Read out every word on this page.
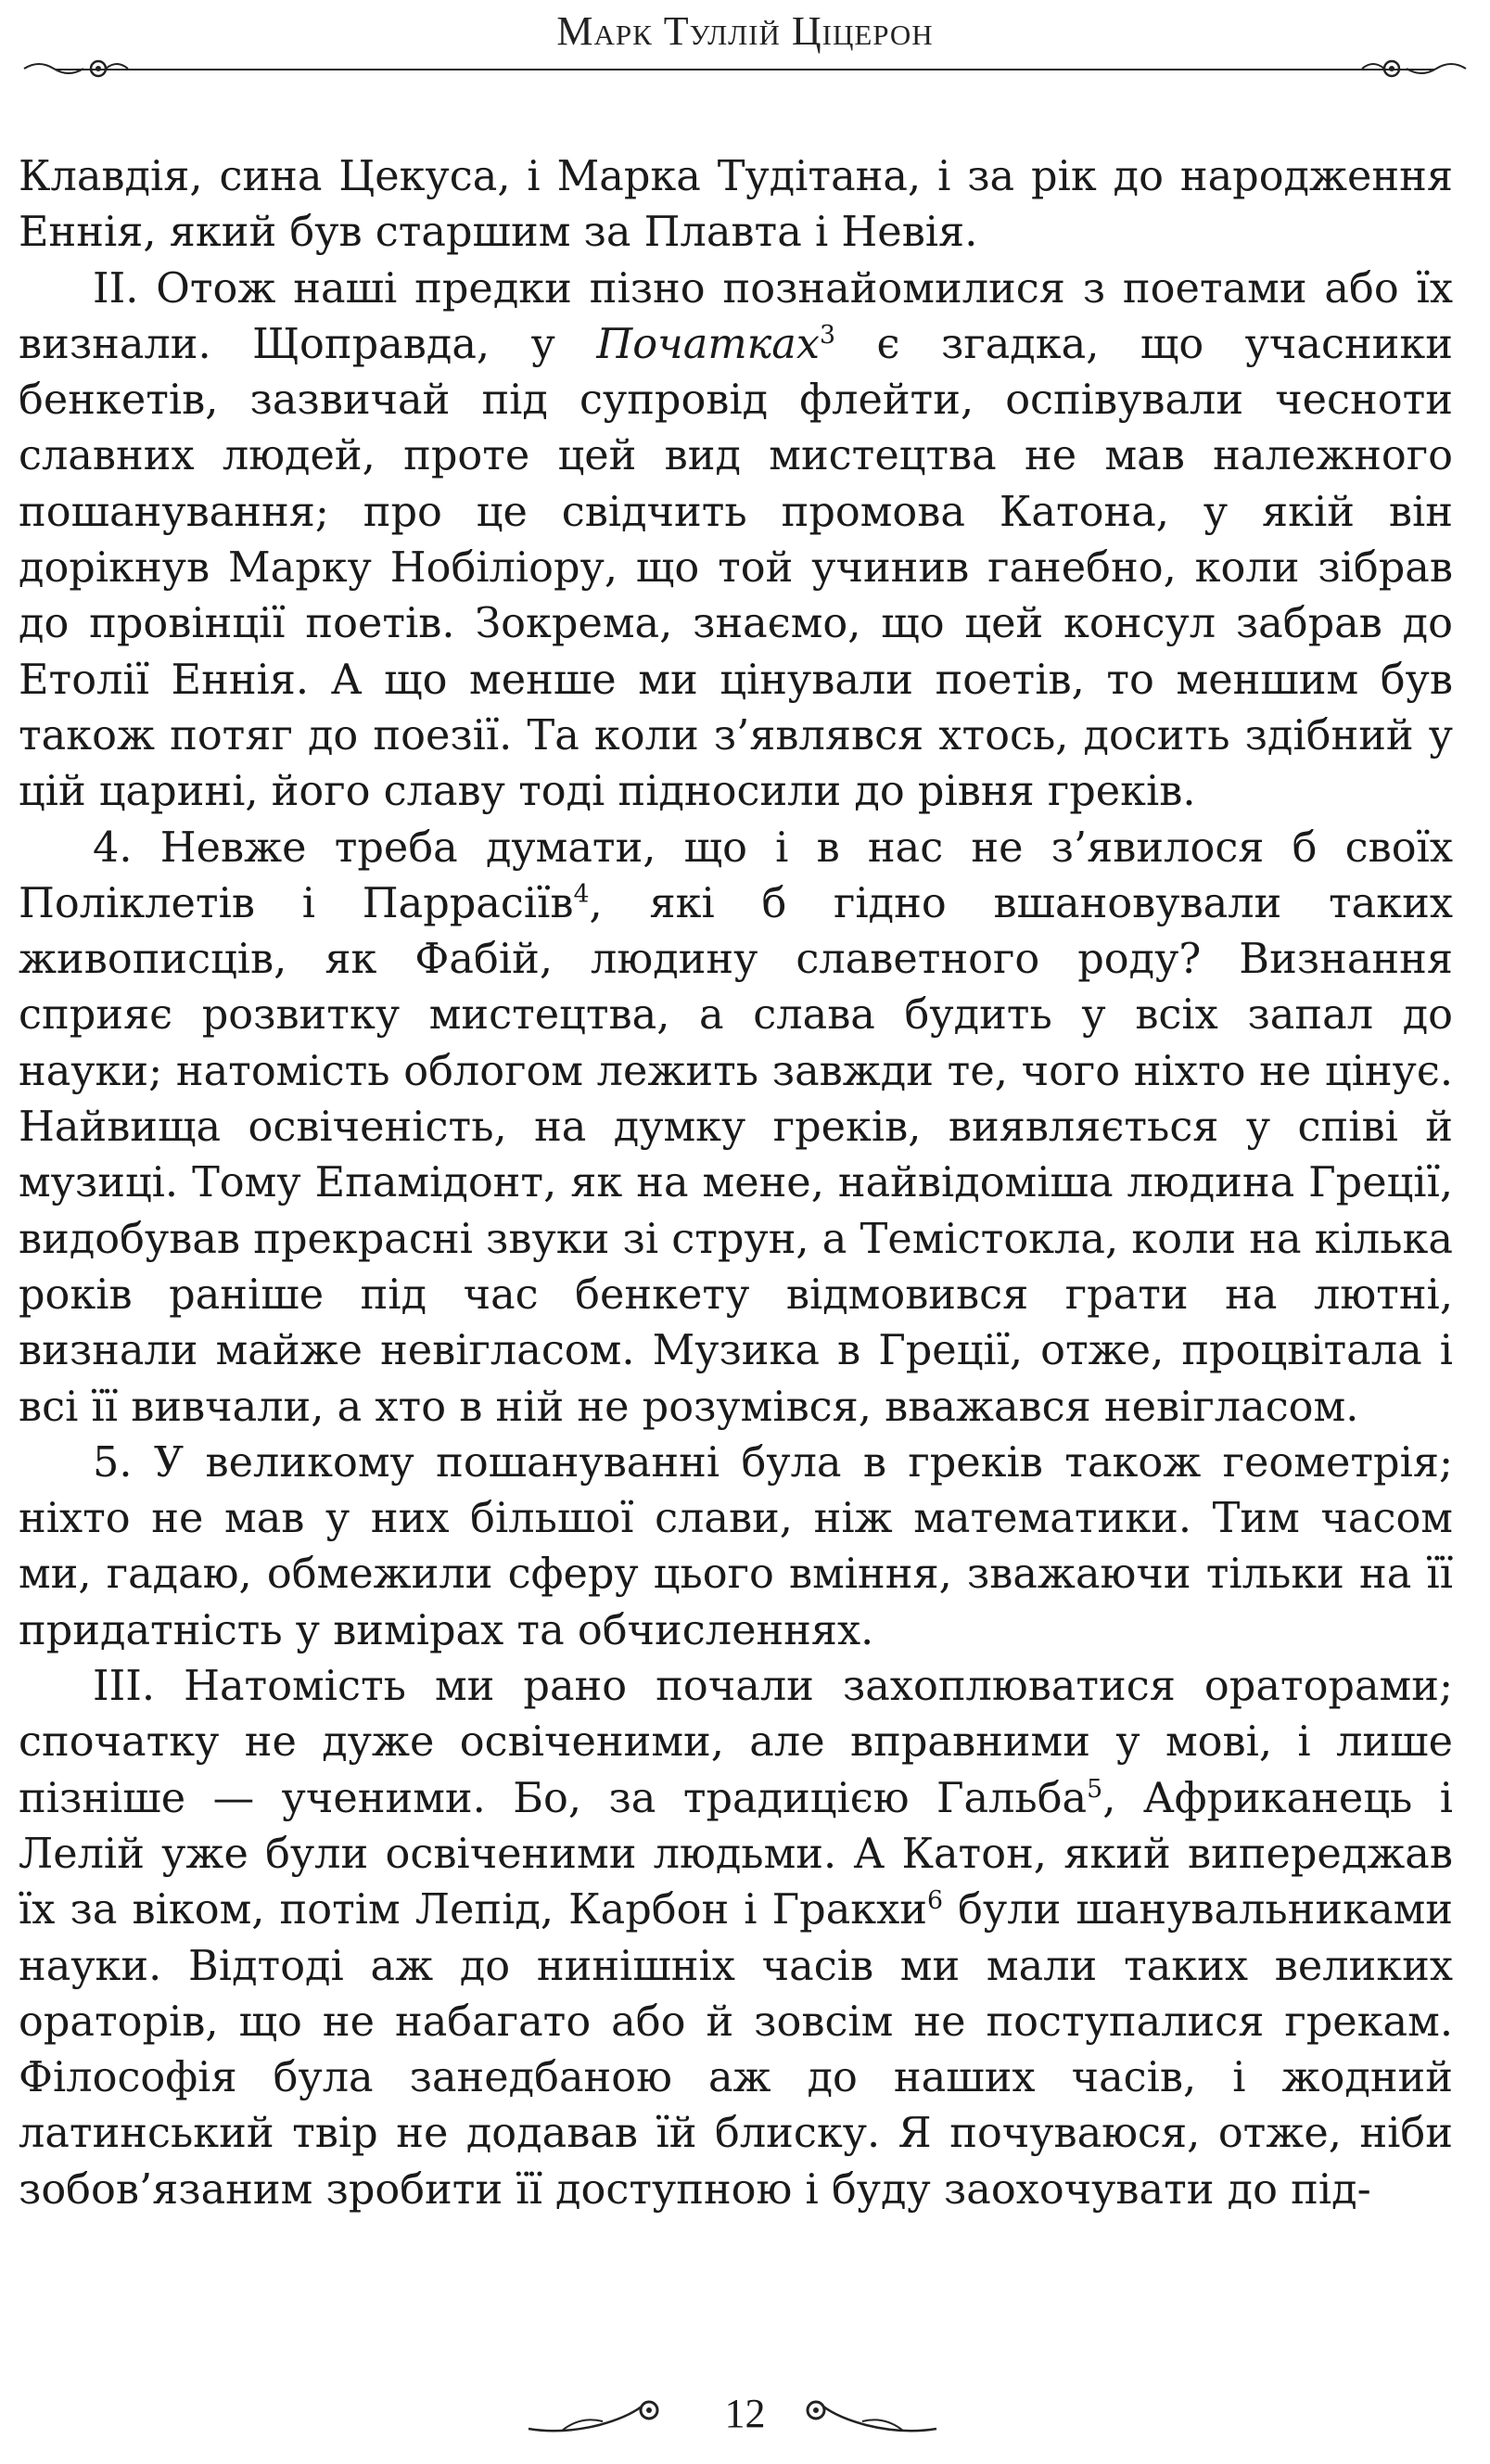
Марк Туллій Ціцерон

Клавдія, сина Цекуса, і Марка Тудітана, і за рік до народження Еннія, який був старшим за Плавта і Невія.

ІІ. Отож наші предки пізно познайомилися з поетами або їх визнали. Щоправда, у Початках$^3$ є згадка, що учасники бенкетів, зазвичай під супровід флейти, оспівували чесноти славних людей, проте цей вид мистецтва не мав належного пошанування; про це свідчить промова Катона, у якій він дорікнув Марку Нобіліору, що той учинив ганебно, коли зібрав до провінції поетів. Зокрема, знаємо, що цей консул забрав до Етолії Еннія. А що менше ми цінували поетів, то меншим був також потяг до поезії. Та коли з’являвся хтось, досить здібний у цій царині, його славу тоді підносили до рівня греків.

4. Невже треба думати, що і в нас не з’явилося б своїх Поліклетів і Паррасіїв$^4$, які б гідно вшановували таких живописців, як Фабій, людину славетного роду? Визнання сприяє розвитку мистецтва, а слава будить у всіх запал до науки; натомість облогом лежить завжди те, чого ніхто не цінує. Найвища освіченість, на думку греків, виявляється у співі й музиці. Тому Епамідонт, як на мене, найвідоміша людина Греції, видобував прекрасні звуки зі струн, а Темістокла, коли на кілька років раніше під час бенкету відмовився грати на лютні, визнали майже невігласом. Музика в Греції, отже, процвітала і всі її вивчали, а хто в ній не розумівся, вважався невігласом.

5. У великому пошануванні була в греків також геометрія; ніхто не мав у них більшої слави, ніж математики. Тим часом ми, гадаю, обмежили сферу цього вміння, зважаючи тільки на її придатність у вимірах та обчисленнях.

ІІІ. Натомість ми рано почали захоплюватися ораторами; спочатку не дуже освіченими, але вправними у мові, і лише пізніше — ученими. Бо, за традицією Гальба$^5$, Африканець і Лелій уже були освіченими людьми. А Катон, який випереджав їх за віком, потім Лепід, Карбон і Гракхи$^6$ були шанувальниками науки. Відтоді аж до нинішніх часів ми мали таких великих ораторів, що не набагато або й зовсім не поступалися грекам. Філософія була занедбаною аж до наших часів, і жодний латинський твір не додавав їй блиску. Я почуваюся, отже, ніби зобов’язаним зробити її доступною і буду заохочувати до під-

12
